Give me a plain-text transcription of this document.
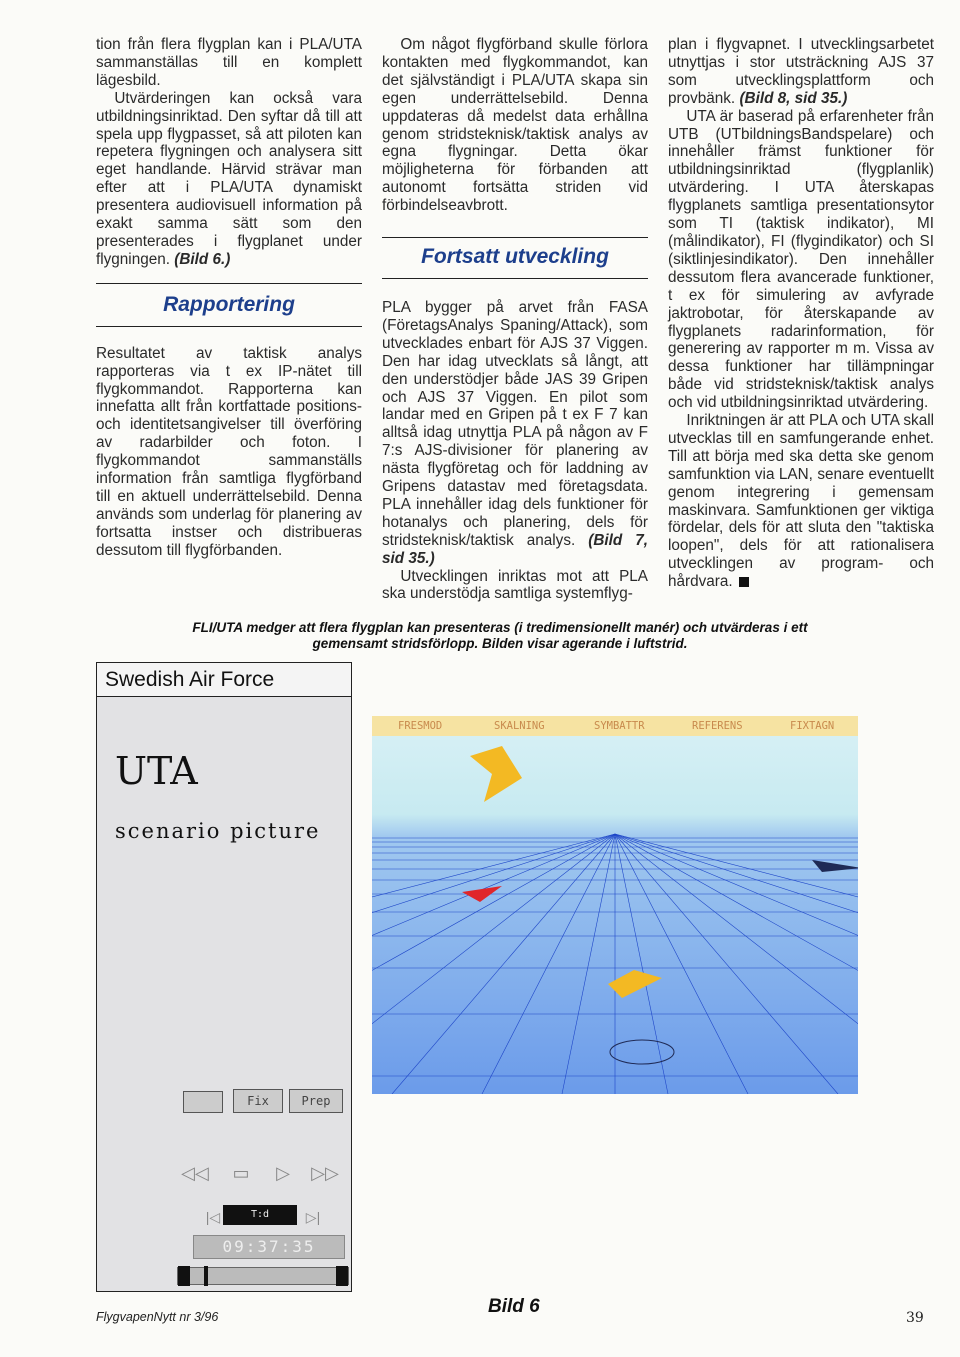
tion från flera flygplan kan i PLA/UTA sammanställas till en komplett lägesbild.

Utvärderingen kan också vara utbildningsinriktad. Den syftar då till att spela upp flygpasset, så att piloten kan repetera flygningen och analysera sitt eget handlande. Härvid strävar man efter att i PLA/UTA dynamiskt presentera audiovisuell information på exakt samma sätt som den presenterades i flygplanet under flygningen. (Bild 6.)

Rapportering

Resultatet av taktisk analys rapporteras via t ex IP-nätet till flygkommandot. Rapporterna kan innefatta allt från kortfattade positions- och identitetsangivelser till överföring av radarbilder och foton. I flygkommandot sammanställs information från samtliga flygförband till en aktuell underrättelsebild. Denna används som underlag för planering av fortsatta instser och distribueras dessutom till flygförbanden.

Om något flygförband skulle förlora kontakten med flygkommandot, kan det självständigt i PLA/UTA skapa sin egen underrättelsebild. Denna uppdateras då medelst data erhållna genom stridsteknisk/taktisk analys av egna flygningar. Detta ökar möjligheterna för förbanden att autonomt fortsätta striden vid förbindelseavbrott.

Fortsatt utveckling

PLA bygger på arvet från FASA (FöretagsAnalys Spaning/Attack), som utvecklades enbart för AJS 37 Viggen. Den har idag utvecklats så långt, att den understödjer både JAS 39 Gripen och AJS 37 Viggen. En pilot som landar med en Gripen på t ex F 7 kan alltså idag utnyttja PLA på någon av F 7:s AJS-divisioner för planering av nästa flygföretag och för laddning av Gripens datastav med företagsdata. PLA innehåller idag dels funktioner för hotanalys och planering, dels för stridsteknisk/taktisk analys. (Bild 7, sid 35.)

Utvecklingen inriktas mot att PLA ska understödja samtliga systemflyg-

plan i flygvapnet. I utvecklingsarbetet utnyttjas i stor utsträckning AJS 37 som utvecklingsplattform och provbänk. (Bild 8, sid 35.)

UTA är baserad på erfarenheter från UTB (UTbildningsBandspelare) och innehåller främst funktioner för utbildningsinriktad (flygplanlik) utvärdering. I UTA återskapas flygplanets samtliga presentationsytor som TI (taktisk indikator), MI (målindikator), FI (flygindikator) och SI (siktlinjesindikator). Den innehåller dessutom flera avancerade funktioner, t ex för simulering av avfyrade jaktrobotar, för återskapande av flygplanets radarinformation, för generering av rapporter m m. Vissa av dessa funktioner har tillämpningar både vid stridsteknisk/taktisk analys och vid utbildningsinriktad utvärdering.

Inriktningen är att PLA och UTA skall utvecklas till en samfungerande enhet. Till att börja med ska detta ske genom samfunktion via LAN, senare eventuellt genom integrering i gemensam maskinvara. Samfunktionen ger viktiga fördelar, dels för att sluta den "taktiska loopen", dels för att rationalisera utvecklingen av program- och hårdvara.

FLI/UTA medger att flera flygplan kan presenteras (i tredimensionellt manér) och utvärderas i ett gemensamt stridsförlopp. Bilden visar agerande i luftstrid.
Swedish Air Force
UTA
scenario picture
Fix	Prep
◁◁	▭	▷	▷▷
|◁	T:d	▷|
09:37:35
FRESMOD	SKALNING	SYMBATTR	REFERENS	FIXTAGN
FlygvapenNytt nr 3/96	Bild 6
39
